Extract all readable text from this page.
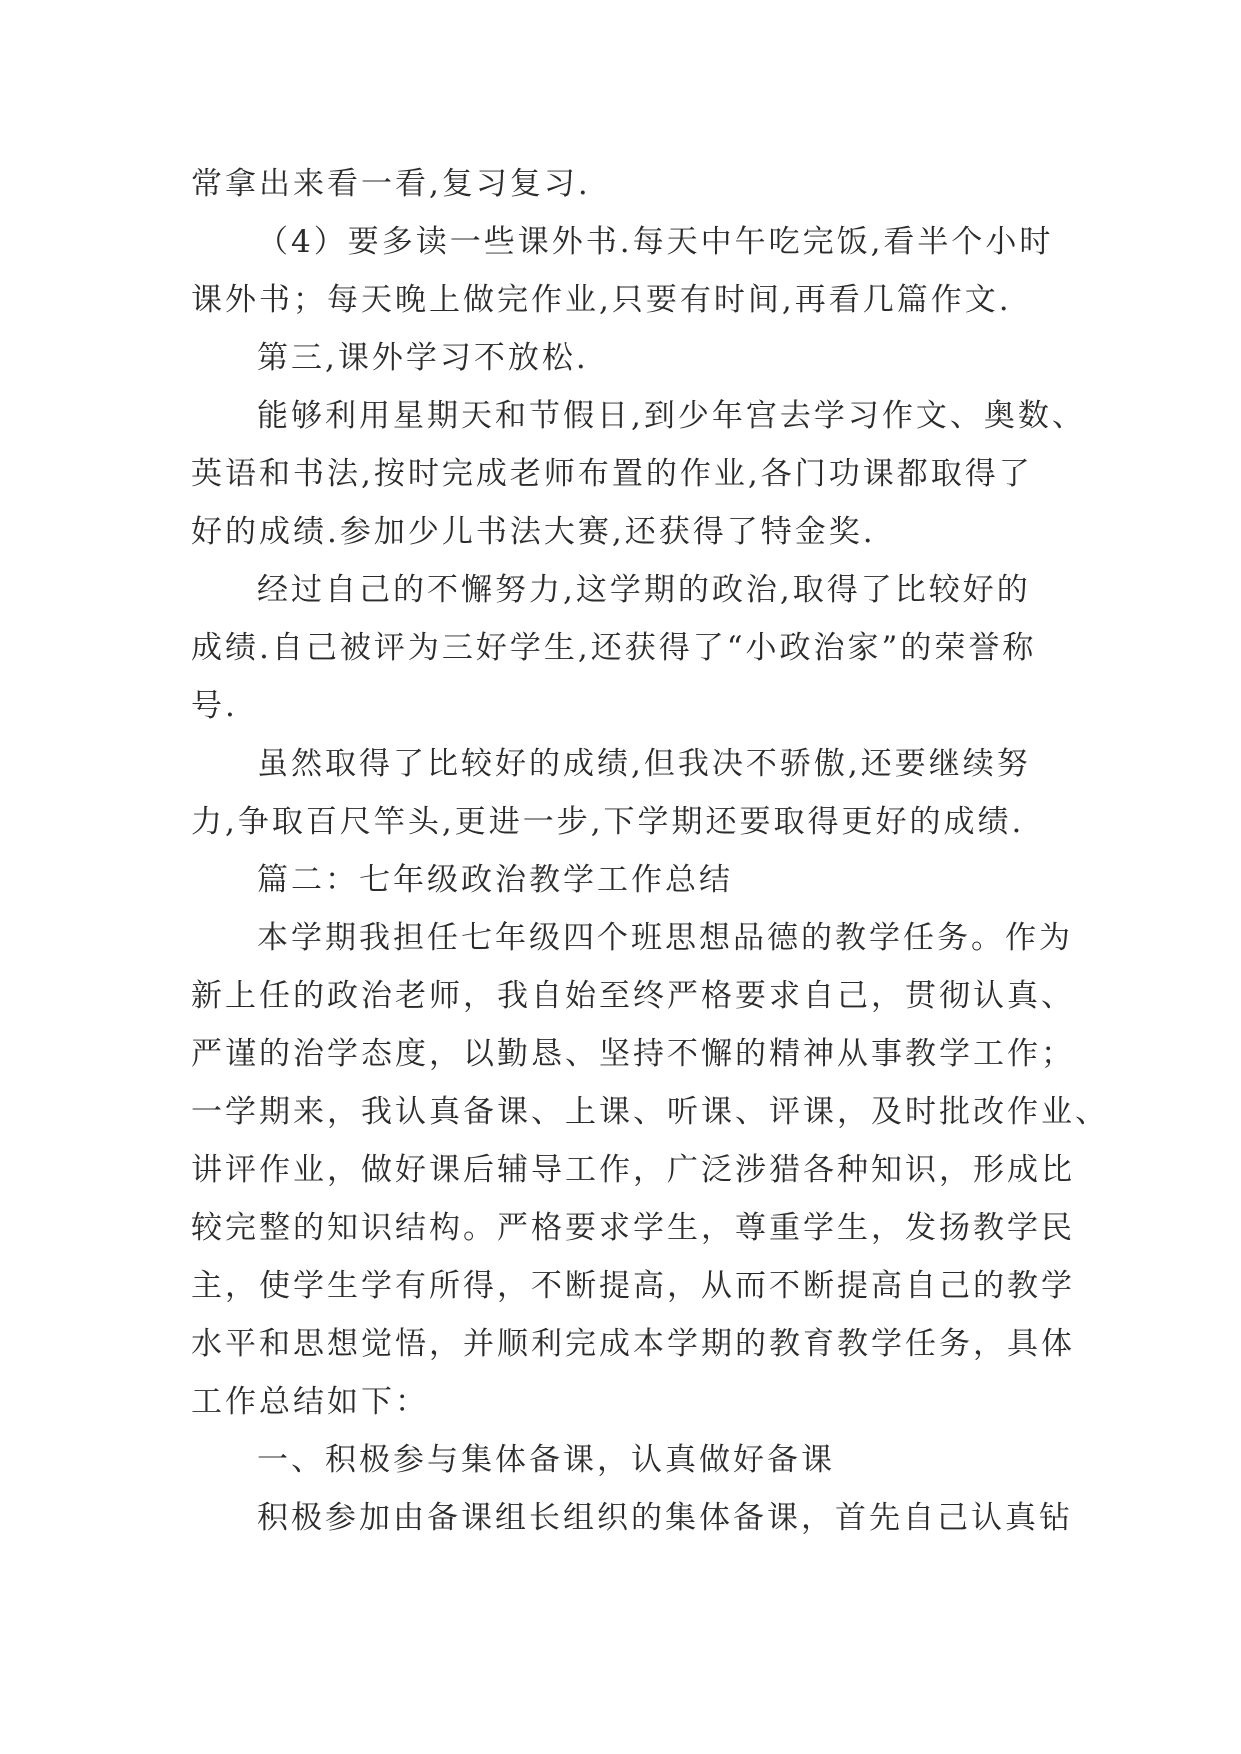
常拿出来看一看,复习复习.
（4）要多读一些课外书.每天中午吃完饭,看半个小时
课外书；每天晚上做完作业,只要有时间,再看几篇作文.
第三,课外学习不放松.
能够利用星期天和节假日,到少年宫去学习作文、奥数、
英语和书法,按时完成老师布置的作业,各门功课都取得了
好的成绩.参加少儿书法大赛,还获得了特金奖.
经过自己的不懈努力,这学期的政治,取得了比较好的
成绩.自己被评为三好学生,还获得了“小政治家”的荣誉称
号.
虽然取得了比较好的成绩,但我决不骄傲,还要继续努
力,争取百尺竿头,更进一步,下学期还要取得更好的成绩.
篇二：七年级政治教学工作总结
本学期我担任七年级四个班思想品德的教学任务。作为
新上任的政治老师，我自始至终严格要求自己，贯彻认真、
严谨的治学态度，以勤恳、坚持不懈的精神从事教学工作；
一学期来，我认真备课、上课、听课、评课，及时批改作业、
讲评作业，做好课后辅导工作，广泛涉猎各种知识，形成比
较完整的知识结构。严格要求学生，尊重学生，发扬教学民
主，使学生学有所得，不断提高，从而不断提高自己的教学
水平和思想觉悟，并顺利完成本学期的教育教学任务，具体
工作总结如下：
一、积极参与集体备课，认真做好备课
积极参加由备课组长组织的集体备课，首先自己认真钻
